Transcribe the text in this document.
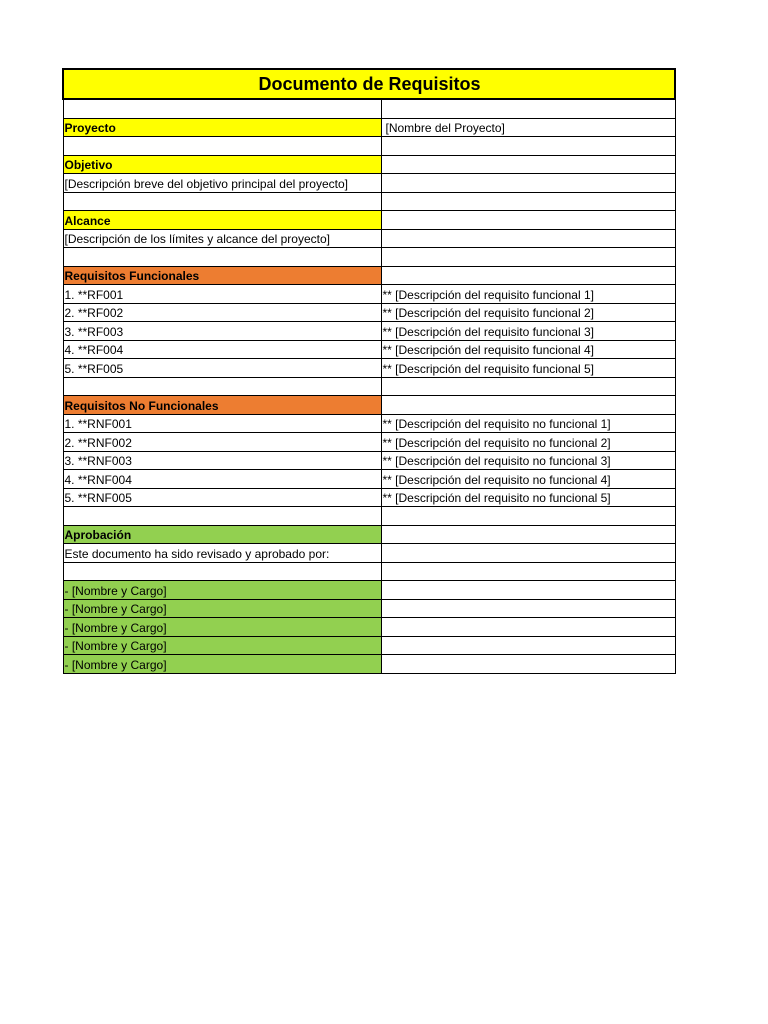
Documento de Requisitos	

Proyecto	[Nombre del Proyecto]

Objetivo	
[Descripción breve del objetivo principal del proyecto]	

Alcance	
[Descripción de los límites y alcance del proyecto]	

Requisitos Funcionales	
1. **RF001	** [Descripción del requisito funcional 1]
2. **RF002	** [Descripción del requisito funcional 2]
3. **RF003	** [Descripción del requisito funcional 3]
4. **RF004	** [Descripción del requisito funcional 4]
5. **RF005	** [Descripción del requisito funcional 5]

Requisitos No Funcionales	
1. **RNF001	** [Descripción del requisito no funcional 1]
2. **RNF002	** [Descripción del requisito no funcional 2]
3. **RNF003	** [Descripción del requisito no funcional 3]
4. **RNF004	** [Descripción del requisito no funcional 4]
5. **RNF005	** [Descripción del requisito no funcional 5]

Aprobación	
Este documento ha sido revisado y aprobado por:	

- [Nombre y Cargo]	
- [Nombre y Cargo]	
- [Nombre y Cargo]	
- [Nombre y Cargo]	
- [Nombre y Cargo]	
